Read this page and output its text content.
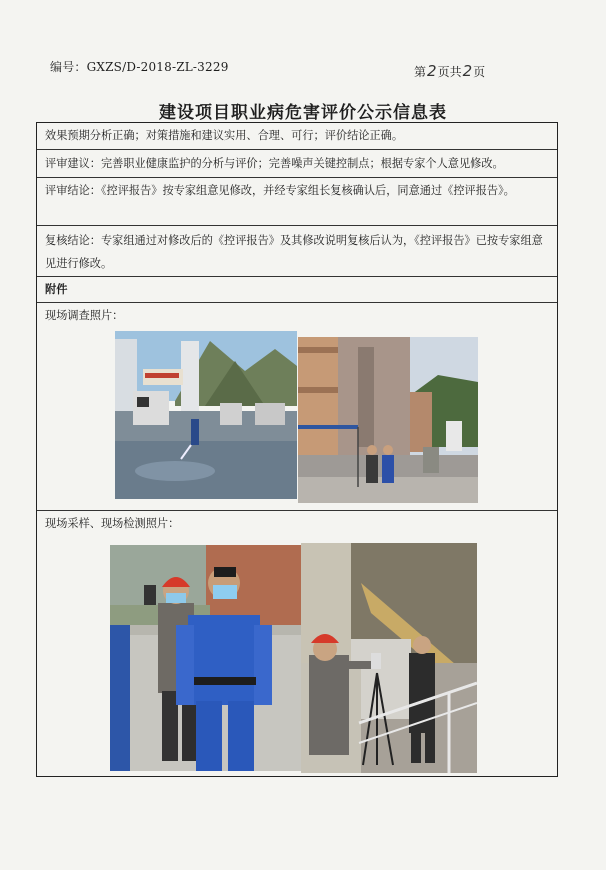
编号：GXZS/D-2018-ZL-3229	第2页共2页
建设项目职业病危害评价公示信息表
效果预期分析正确；对策措施和建议实用、合理、可行；评价结论正确。
评审建议：完善职业健康监护的分析与评价；完善噪声关键控制点；根据专家个人意见修改。
评审结论：《控评报告》按专家组意见修改，并经专家组长复核确认后，同意通过《控评报告》。
复核结论：专家组通过对修改后的《控评报告》及其修改说明复核后认为，《控评报告》已按专家组意见进行修改。
附件
现场调查照片：
现场采样、现场检测照片：
